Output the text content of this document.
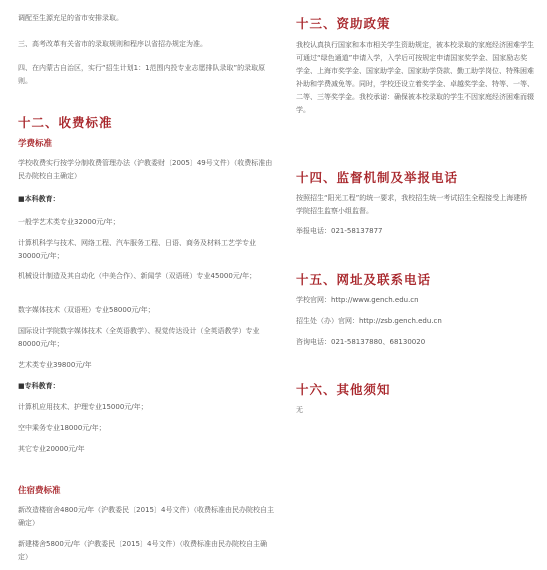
调配至生源充足的省市安排录取。

三、高考改革有关省市的录取规则和程序以省招办规定为准。

四、在内蒙古自治区，实行“招生计划1：1范围内投专业志愿排队录取”的录取原则。

十二、收费标准
学费标准

学校收费实行按学分制收费管理办法（沪教委财〔2005〕49号文件）（收费标准由民办院校自主确定）

■本科教育：

一般学艺术类专业32000元/年；

计算机科学与技术、网络工程、汽车服务工程、日语、商务及材料工艺学专业30000元/年；

机械设计制造及其自动化（中美合作）、新闻学（双语班）专业45000元/年；

数字媒体技术（双语班）专业58000元/年；

国际设计学院数字媒体技术（全英语教学）、视觉传达设计（全英语教学）专业80000元/年；

艺术类专业39800元/年

■专科教育：

计算机应用技术、护理专业15000元/年；

空中乘务专业18000元/年；

其它专业20000元/年

住宿费标准

新改造楼宿舍4800元/年（沪教委民〔2015〕4号文件）（收费标准由民办院校自主确定）

新建楼舍5800元/年（沪教委民〔2015〕4号文件）（收费标准由民办院校自主确定）

十三、资助政策

我校认真执行国家和本市相关学生资助规定，被本校录取的家庭经济困难学生可通过“绿色通道”申请入学，入学后可按规定申请国家奖学金、国家励志奖学金、上海市奖学金、国家助学金、国家助学贷款、勤工助学岗位、特殊困难补助和学费减免等。同时，学校还设立着奖学金、卓越奖学金、特等、一等、二等、三等奖学金。我校承诺：确保被本校录取的学生不因家庭经济困难而辍学。

十四、监督机制及举报电话

按照招生“阳光工程”的统一要求，我校招生统一考试招生全程接受上海建桥学院招生监察小组监督。

举报电话：021-58137877

十五、网址及联系电话

学校官网：http://www.gench.edu.cn

招生处（办）官网：http://zsb.gench.edu.cn

咨询电话：021-58137880、68130020

十六、其他须知

无
